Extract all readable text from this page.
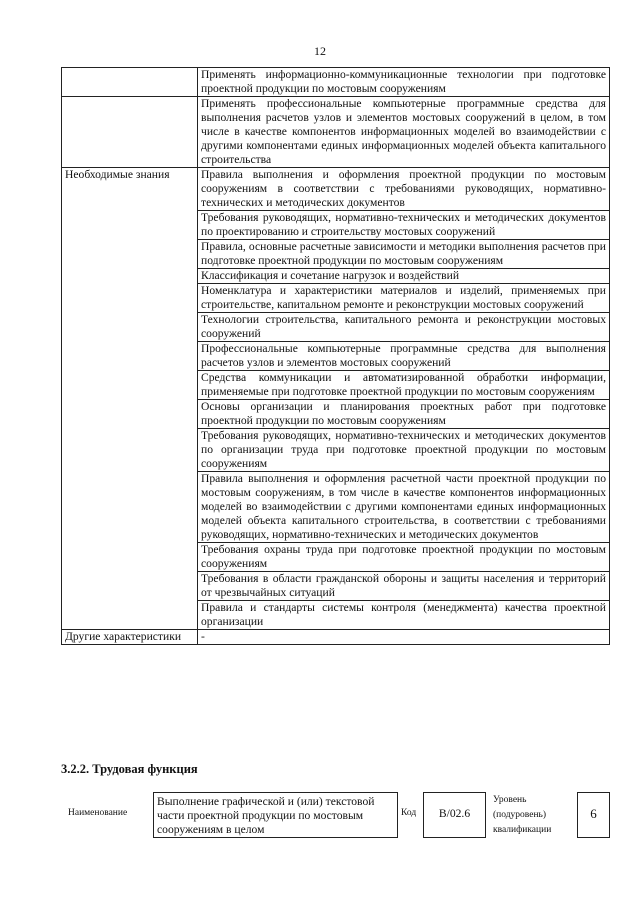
12

	Применять информационно-коммуникационные технологии при подготовке проектной продукции по мостовым сооружениям

	Применять профессиональные компьютерные программные средства для выполнения расчетов узлов и элементов мостовых сооружений в целом, в том числе в качестве компонентов информационных моделей во взаимодействии с другими компонентами единых информационных моделей объекта капитального строительства

Необходимые знания	Правила выполнения и оформления проектной продукции по мостовым сооружениям в соответствии с требованиями руководящих, нормативно-технических и методических документов

	Требования руководящих, нормативно-технических и методических документов по проектированию и строительству мостовых сооружений

	Правила, основные расчетные зависимости и методики выполнения расчетов при подготовке проектной продукции по мостовым сооружениям

	Классификация и сочетание нагрузок и воздействий

	Номенклатура и характеристики материалов и изделий, применяемых при строительстве, капитальном ремонте и реконструкции мостовых сооружений

	Технологии строительства, капитального ремонта и реконструкции мостовых сооружений

	Профессиональные компьютерные программные средства для выполнения расчетов узлов и элементов мостовых сооружений

	Средства коммуникации и автоматизированной обработки информации, применяемые при подготовке проектной продукции по мостовым сооружениям

	Основы организации и планирования проектных работ при подготовке проектной продукции по мостовым сооружениям

	Требования руководящих, нормативно-технических и методических документов по организации труда при подготовке проектной продукции по мостовым сооружениям

	Правила выполнения и оформления расчетной части проектной продукции по мостовым сооружениям, в том числе в качестве компонентов информационных моделей во взаимодействии с другими компонентами единых информационных моделей объекта капитального строительства, в соответствии с требованиями руководящих, нормативно-технических и методических документов

	Требования охраны труда при подготовке проектной продукции по мостовым сооружениям

	Требования в области гражданской обороны и защиты населения и территорий от чрезвычайных ситуаций

	Правила и стандарты системы контроля (менеджмента) качества проектной организации

Другие характеристики	-
3.2.2. Трудовая функция
Наименование
Выполнение графической и (или) текстовой части проектной продукции по мостовым сооружениям в целом
Код	B/02.6
Уровень (подуровень) квалификации
6
